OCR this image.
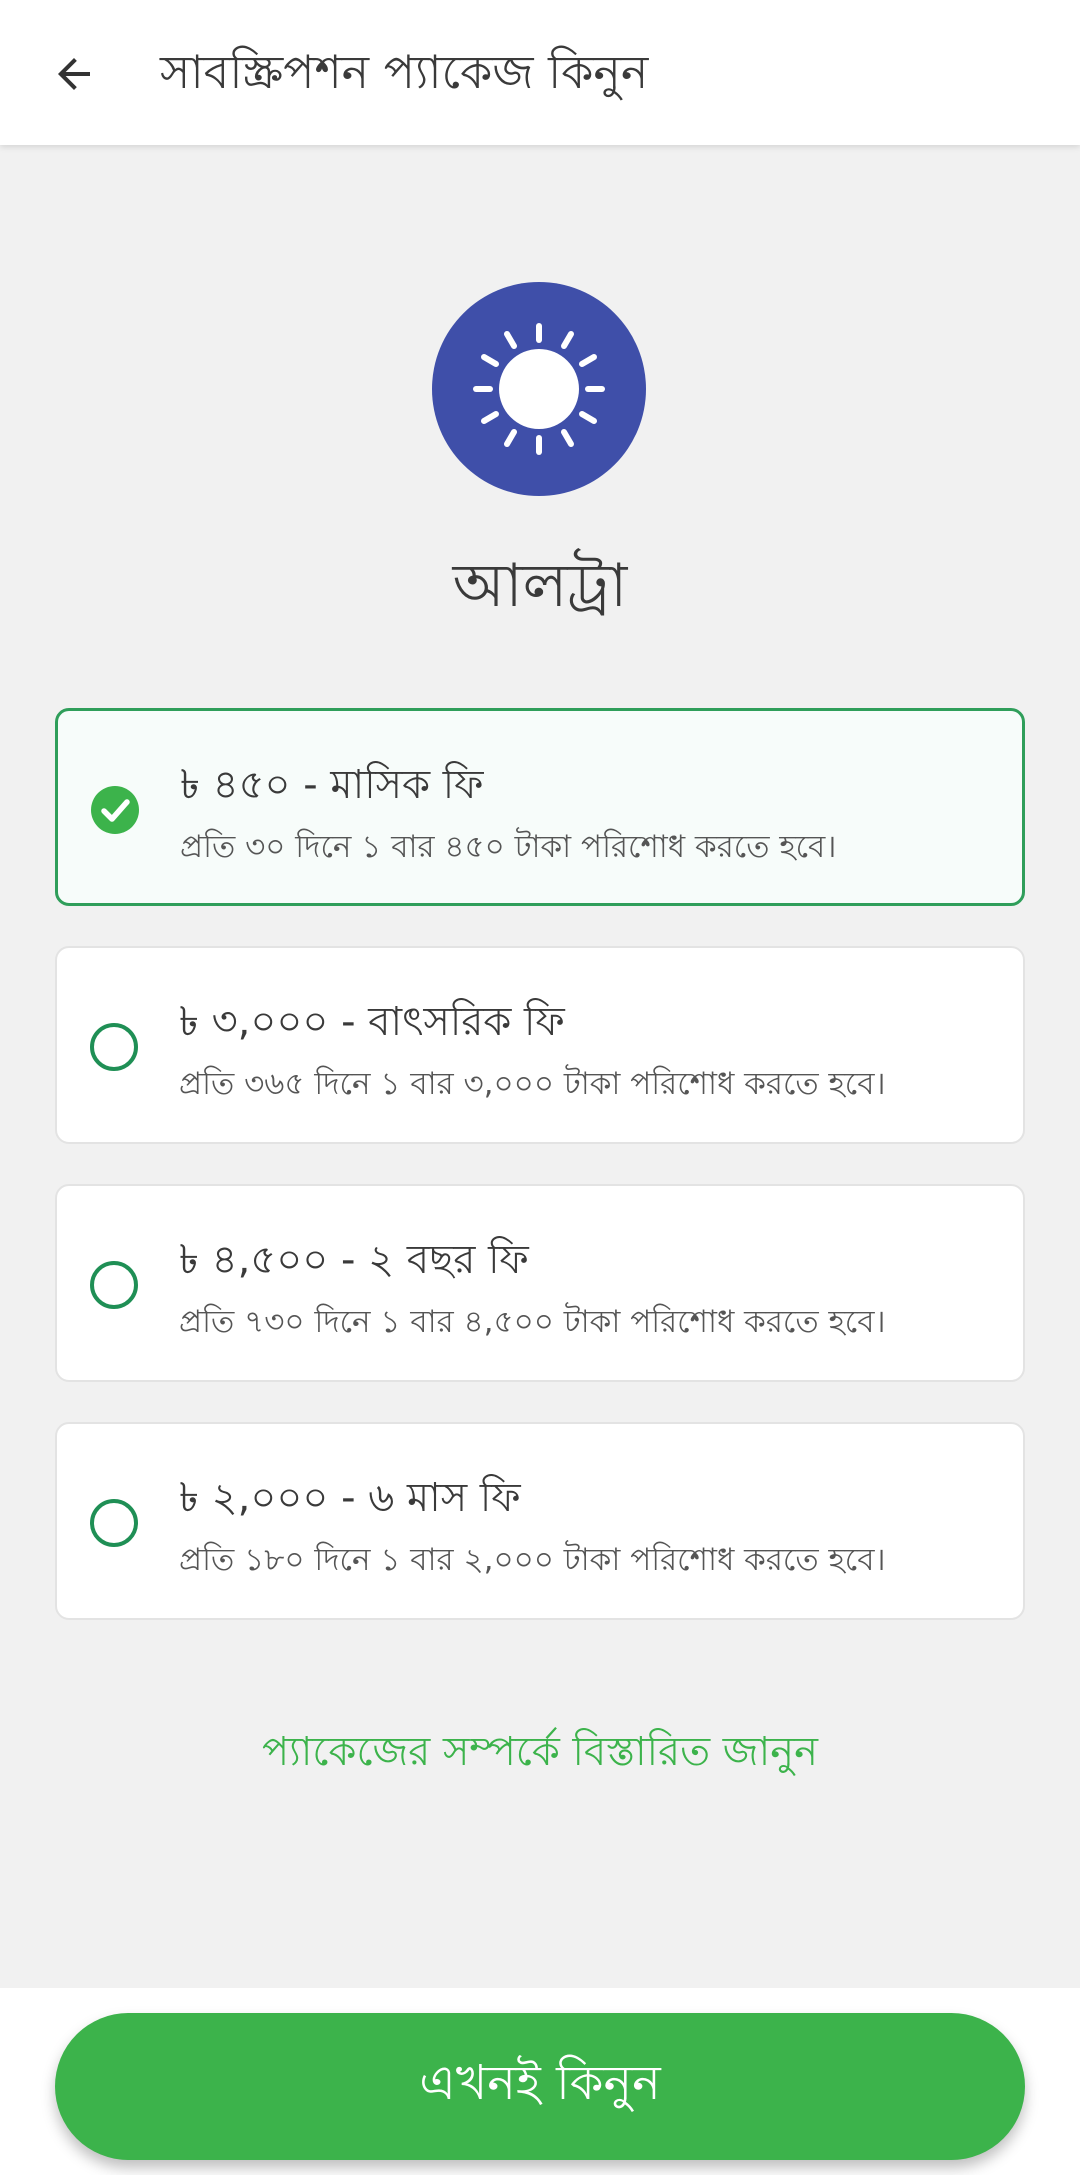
সাবস্ক্রিপশন প্যাকেজ কিনুন
আলট্রা
৳ ৪৫০ - মাসিক ফি
প্রতি ৩০ দিনে ১ বার ৪৫০ টাকা পরিশোধ করতে হবে।
৳ ৩,০০০ - বাৎসরিক ফি
প্রতি ৩৬৫ দিনে ১ বার ৩,০০০ টাকা পরিশোধ করতে হবে।
৳ ৪,৫০০ - ২ বছর ফি
প্রতি ৭৩০ দিনে ১ বার ৪,৫০০ টাকা পরিশোধ করতে হবে।
৳ ২,০০০ - ৬ মাস ফি
প্রতি ১৮০ দিনে ১ বার ২,০০০ টাকা পরিশোধ করতে হবে।
প্যাকেজের সম্পর্কে বিস্তারিত জানুন
এখনই কিনুন
